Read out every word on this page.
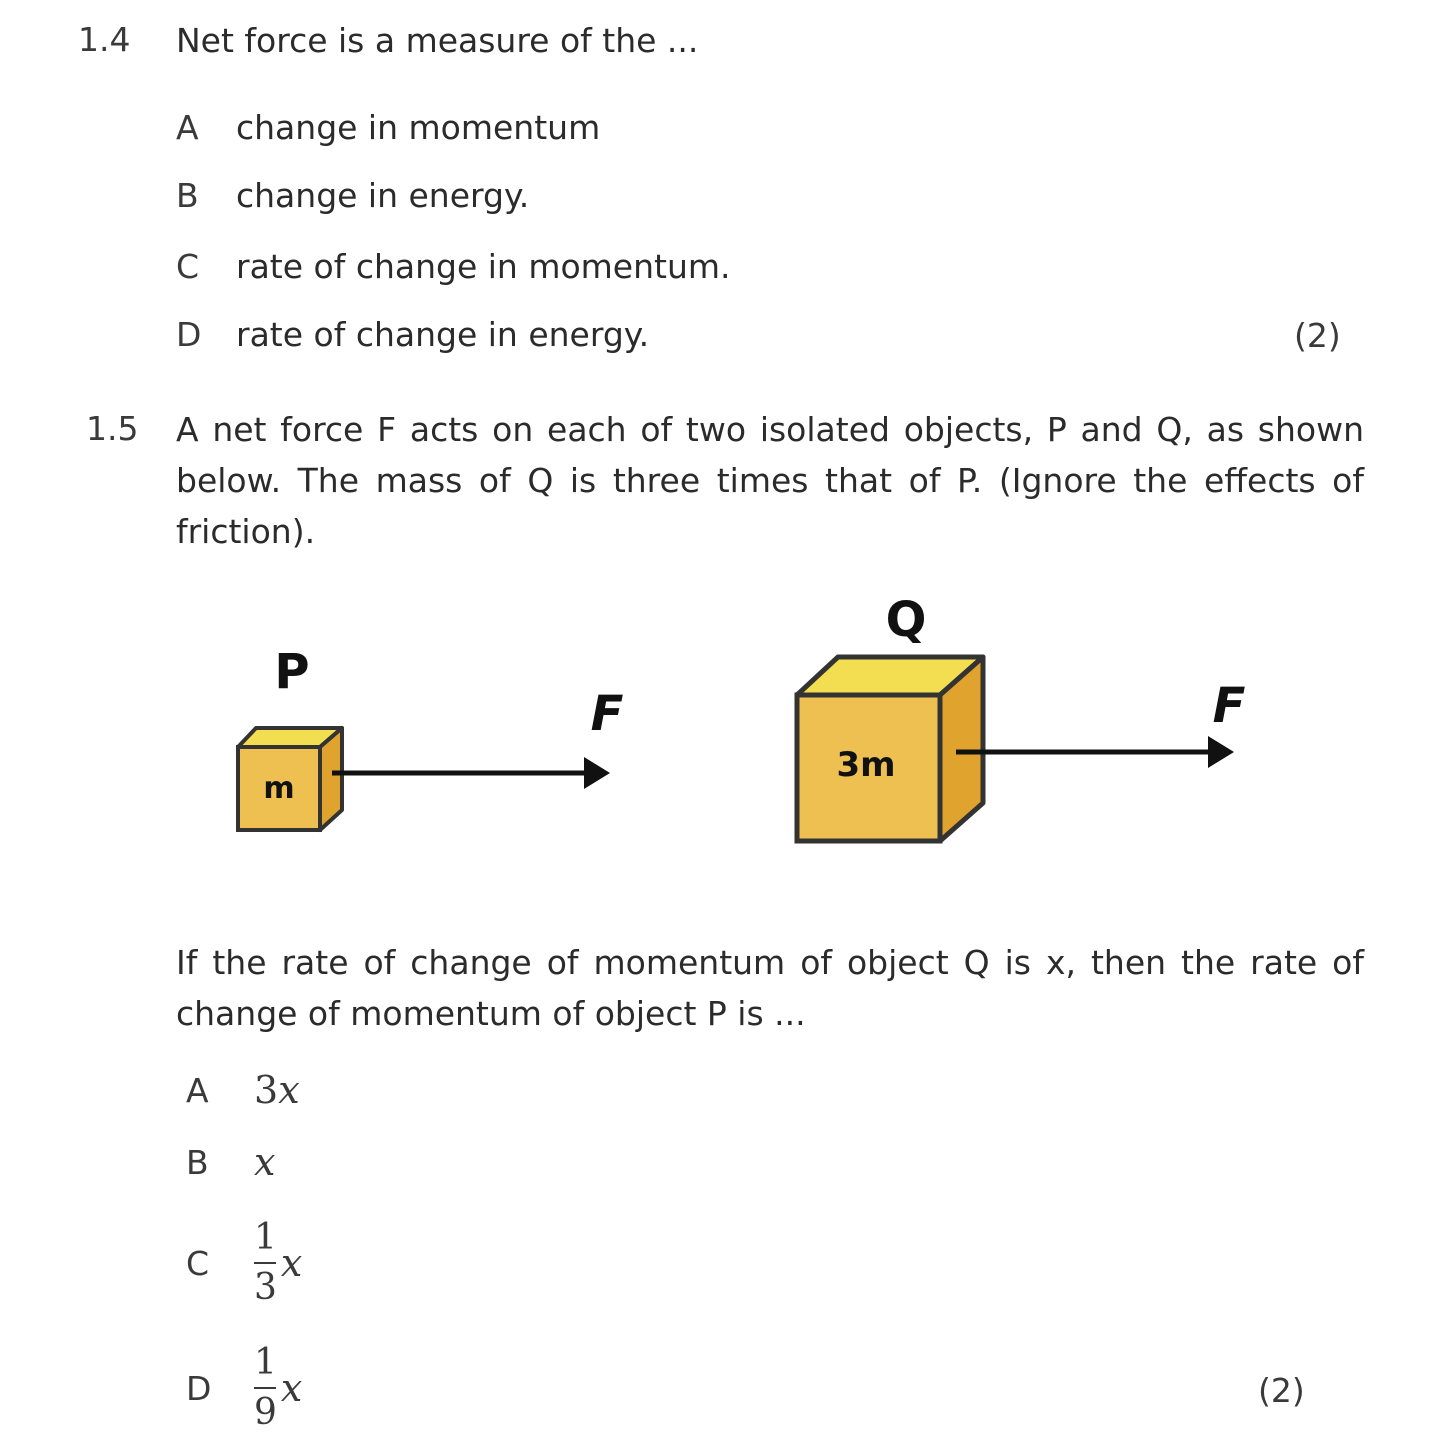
1.4 Net force is a measure of the ...
A change in momentum
B change in energy.
C rate of change in momentum.
D rate of change in energy.	(2)
1.5 A net force F acts on each of two isolated objects, P and Q, as shown below. The mass of Q is three times that of P. (Ignore the effects of friction).
P
m
F
Q
3m
F
If the rate of change of momentum of object Q is x, then the rate of change of momentum of object P is ...
A	3x
B	x
C	$\frac{1}{3}$ x
D	$\frac{1}{9}$ x	(2)
